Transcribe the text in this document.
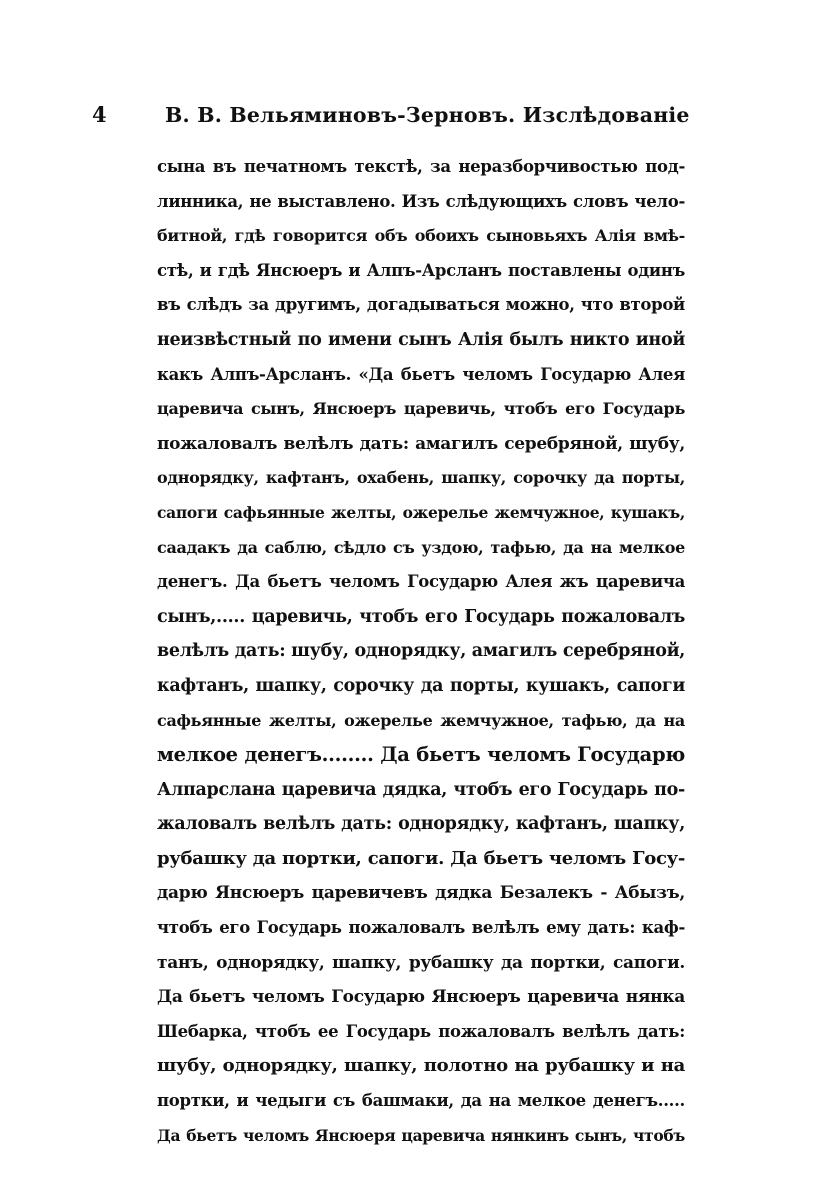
4	В. В. Вельяминовъ-Зерновъ. Изслѣдованіе
сына въ печатномъ текстѣ, за неразборчивостью под-
линника, не выставлено. Изъ слѣдующихъ словъ чело-
битной, гдѣ говорится объ обоихъ сыновьяхъ Алія вмѣ-
стѣ, и гдѣ Янсюеръ и Алпъ-Арсланъ поставлены одинъ
въ слѣдъ за другимъ, догадываться можно, что второй
неизвѣстный по имени сынъ Алія былъ никто иной
какъ Алпъ-Арсланъ. «Да бьетъ челомъ Государю Алея
царевича сынъ, Янсюеръ царевичь, чтобъ его Государь
пожаловалъ велѣлъ дать: амагилъ серебряной, шубу,
однорядку, кафтанъ, охабень, шапку, сорочку да порты,
сапоги сафьянные желты, ожерелье жемчужное, кушакъ,
саадакъ да саблю, сѣдло съ уздою, тафью, да на мелкое
денегъ. Да бьетъ челомъ Государю Алея жъ царевича
сынъ,..... царевичь, чтобъ его Государь пожаловалъ
велѣлъ дать: шубу, однорядку, амагилъ серебряной,
кафтанъ, шапку, сорочку да порты, кушакъ, сапоги
сафьянные желты, ожерелье жемчужное, тафью, да на
мелкое денегъ........ Да бьетъ челомъ Государю
Алпарслана царевича дядка, чтобъ его Государь по-
жаловалъ велѣлъ дать: однорядку, кафтанъ, шапку,
рубашку да портки, сапоги. Да бьетъ челомъ Госу-
дарю Янсюеръ царевичевъ дядка Безалекъ - Абызъ,
чтобъ его Государь пожаловалъ велѣлъ ему дать: каф-
танъ, однорядку, шапку, рубашку да портки, сапоги.
Да бьетъ челомъ Государю Янсюеръ царевича нянка
Шебарка, чтобъ ее Государь пожаловалъ велѣлъ дать:
шубу, однорядку, шапку, полотно на рубашку и на
портки, и чедыги съ башмаки, да на мелкое денегъ.....
Да бьетъ челомъ Янсюеря царевича нянкинъ сынъ, чтобъ
